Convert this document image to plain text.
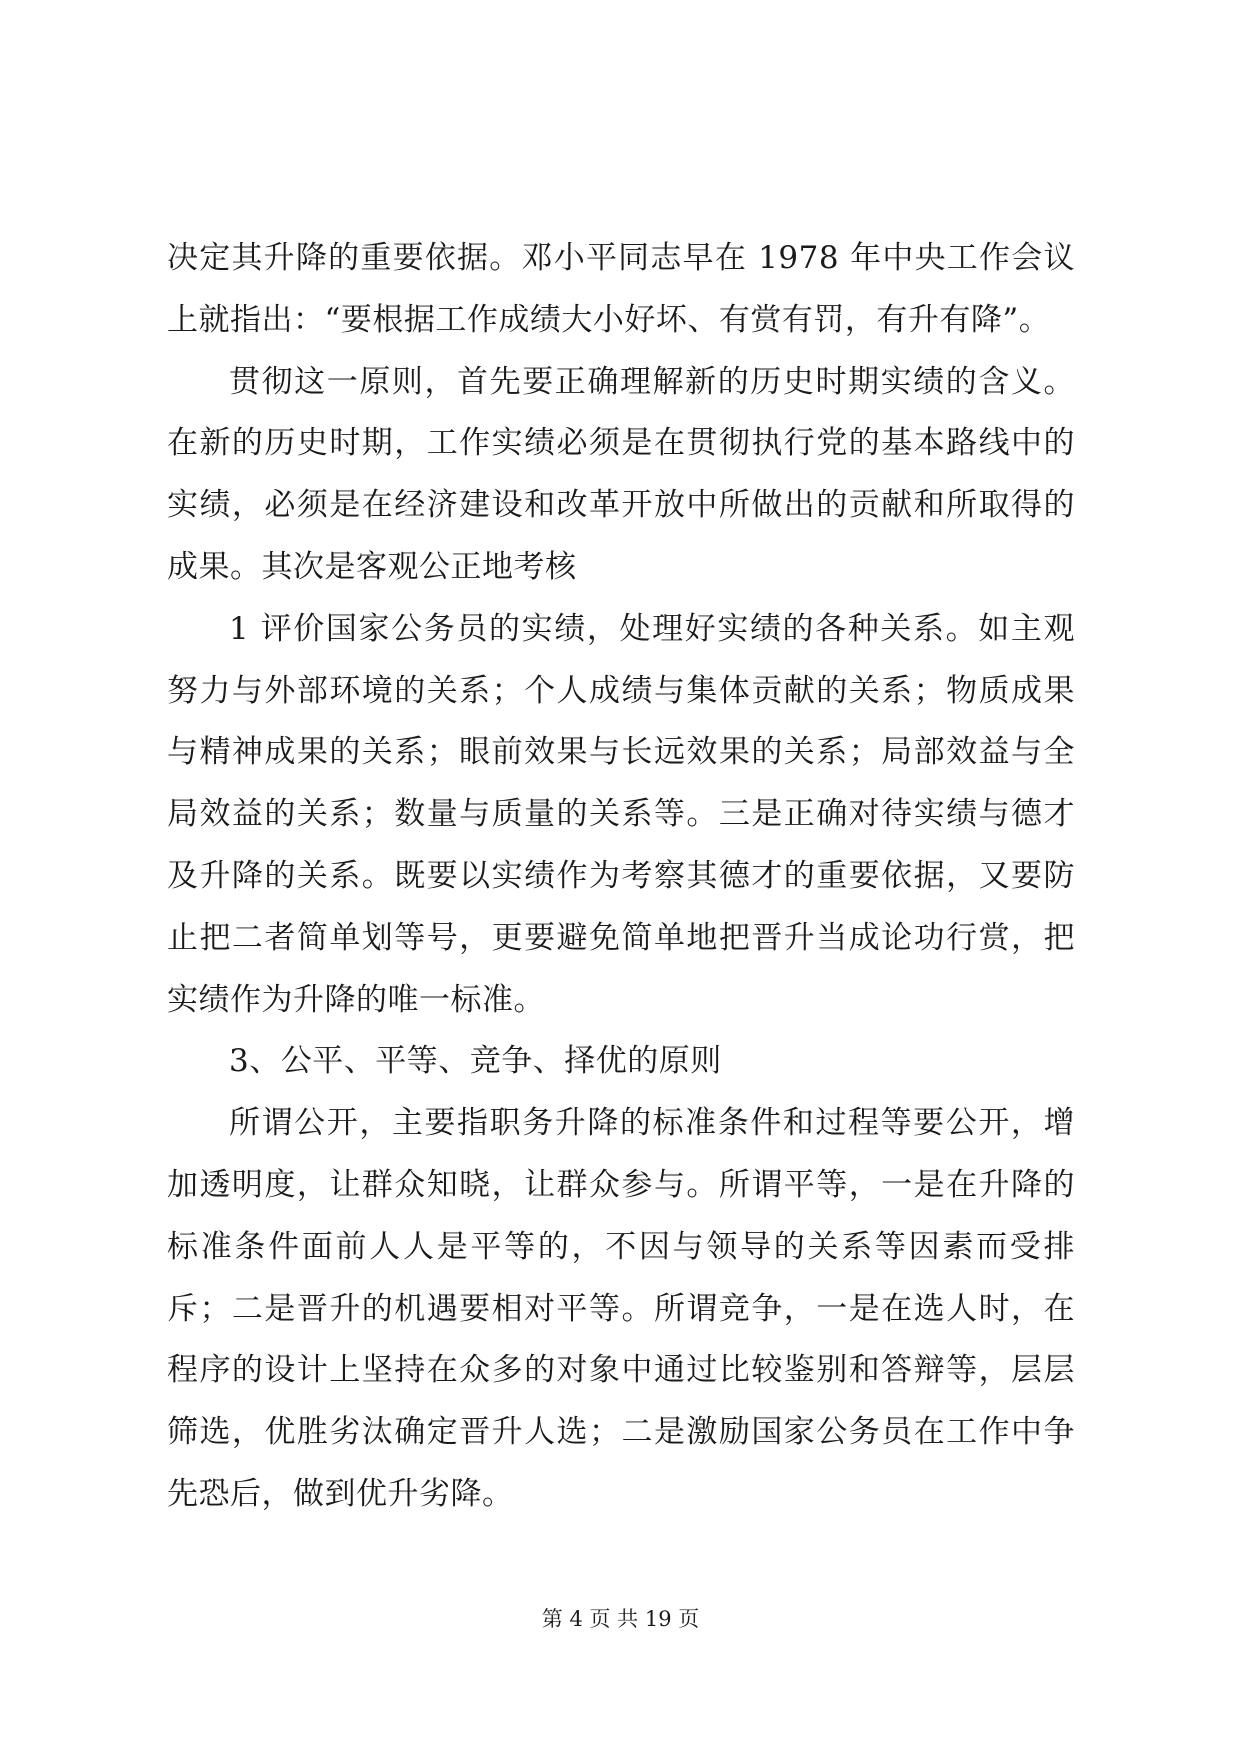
决定其升降的重要依据。邓小平同志早在 1978 年中央工作会议上就指出：“要根据工作成绩大小好坏、有赏有罚，有升有降”。

贯彻这一原则，首先要正确理解新的历史时期实绩的含义。在新的历史时期，工作实绩必须是在贯彻执行党的基本路线中的实绩，必须是在经济建设和改革开放中所做出的贡献和所取得的成果。其次是客观公正地考核

1 评价国家公务员的实绩，处理好实绩的各种关系。如主观努力与外部环境的关系；个人成绩与集体贡献的关系；物质成果与精神成果的关系；眼前效果与长远效果的关系；局部效益与全局效益的关系；数量与质量的关系等。三是正确对待实绩与德才及升降的关系。既要以实绩作为考察其德才的重要依据，又要防止把二者简单划等号，更要避免简单地把晋升当成论功行赏，把实绩作为升降的唯一标准。

3、公平、平等、竞争、择优的原则

所谓公开，主要指职务升降的标准条件和过程等要公开，增加透明度，让群众知晓，让群众参与。所谓平等，一是在升降的标准条件面前人人是平等的，不因与领导的关系等因素而受排斥；二是晋升的机遇要相对平等。所谓竞争，一是在选人时，在程序的设计上坚持在众多的对象中通过比较鉴别和答辩等，层层筛选，优胜劣汰确定晋升人选；二是激励国家公务员在工作中争先恐后，做到优升劣降。

第 4 页 共 19 页
